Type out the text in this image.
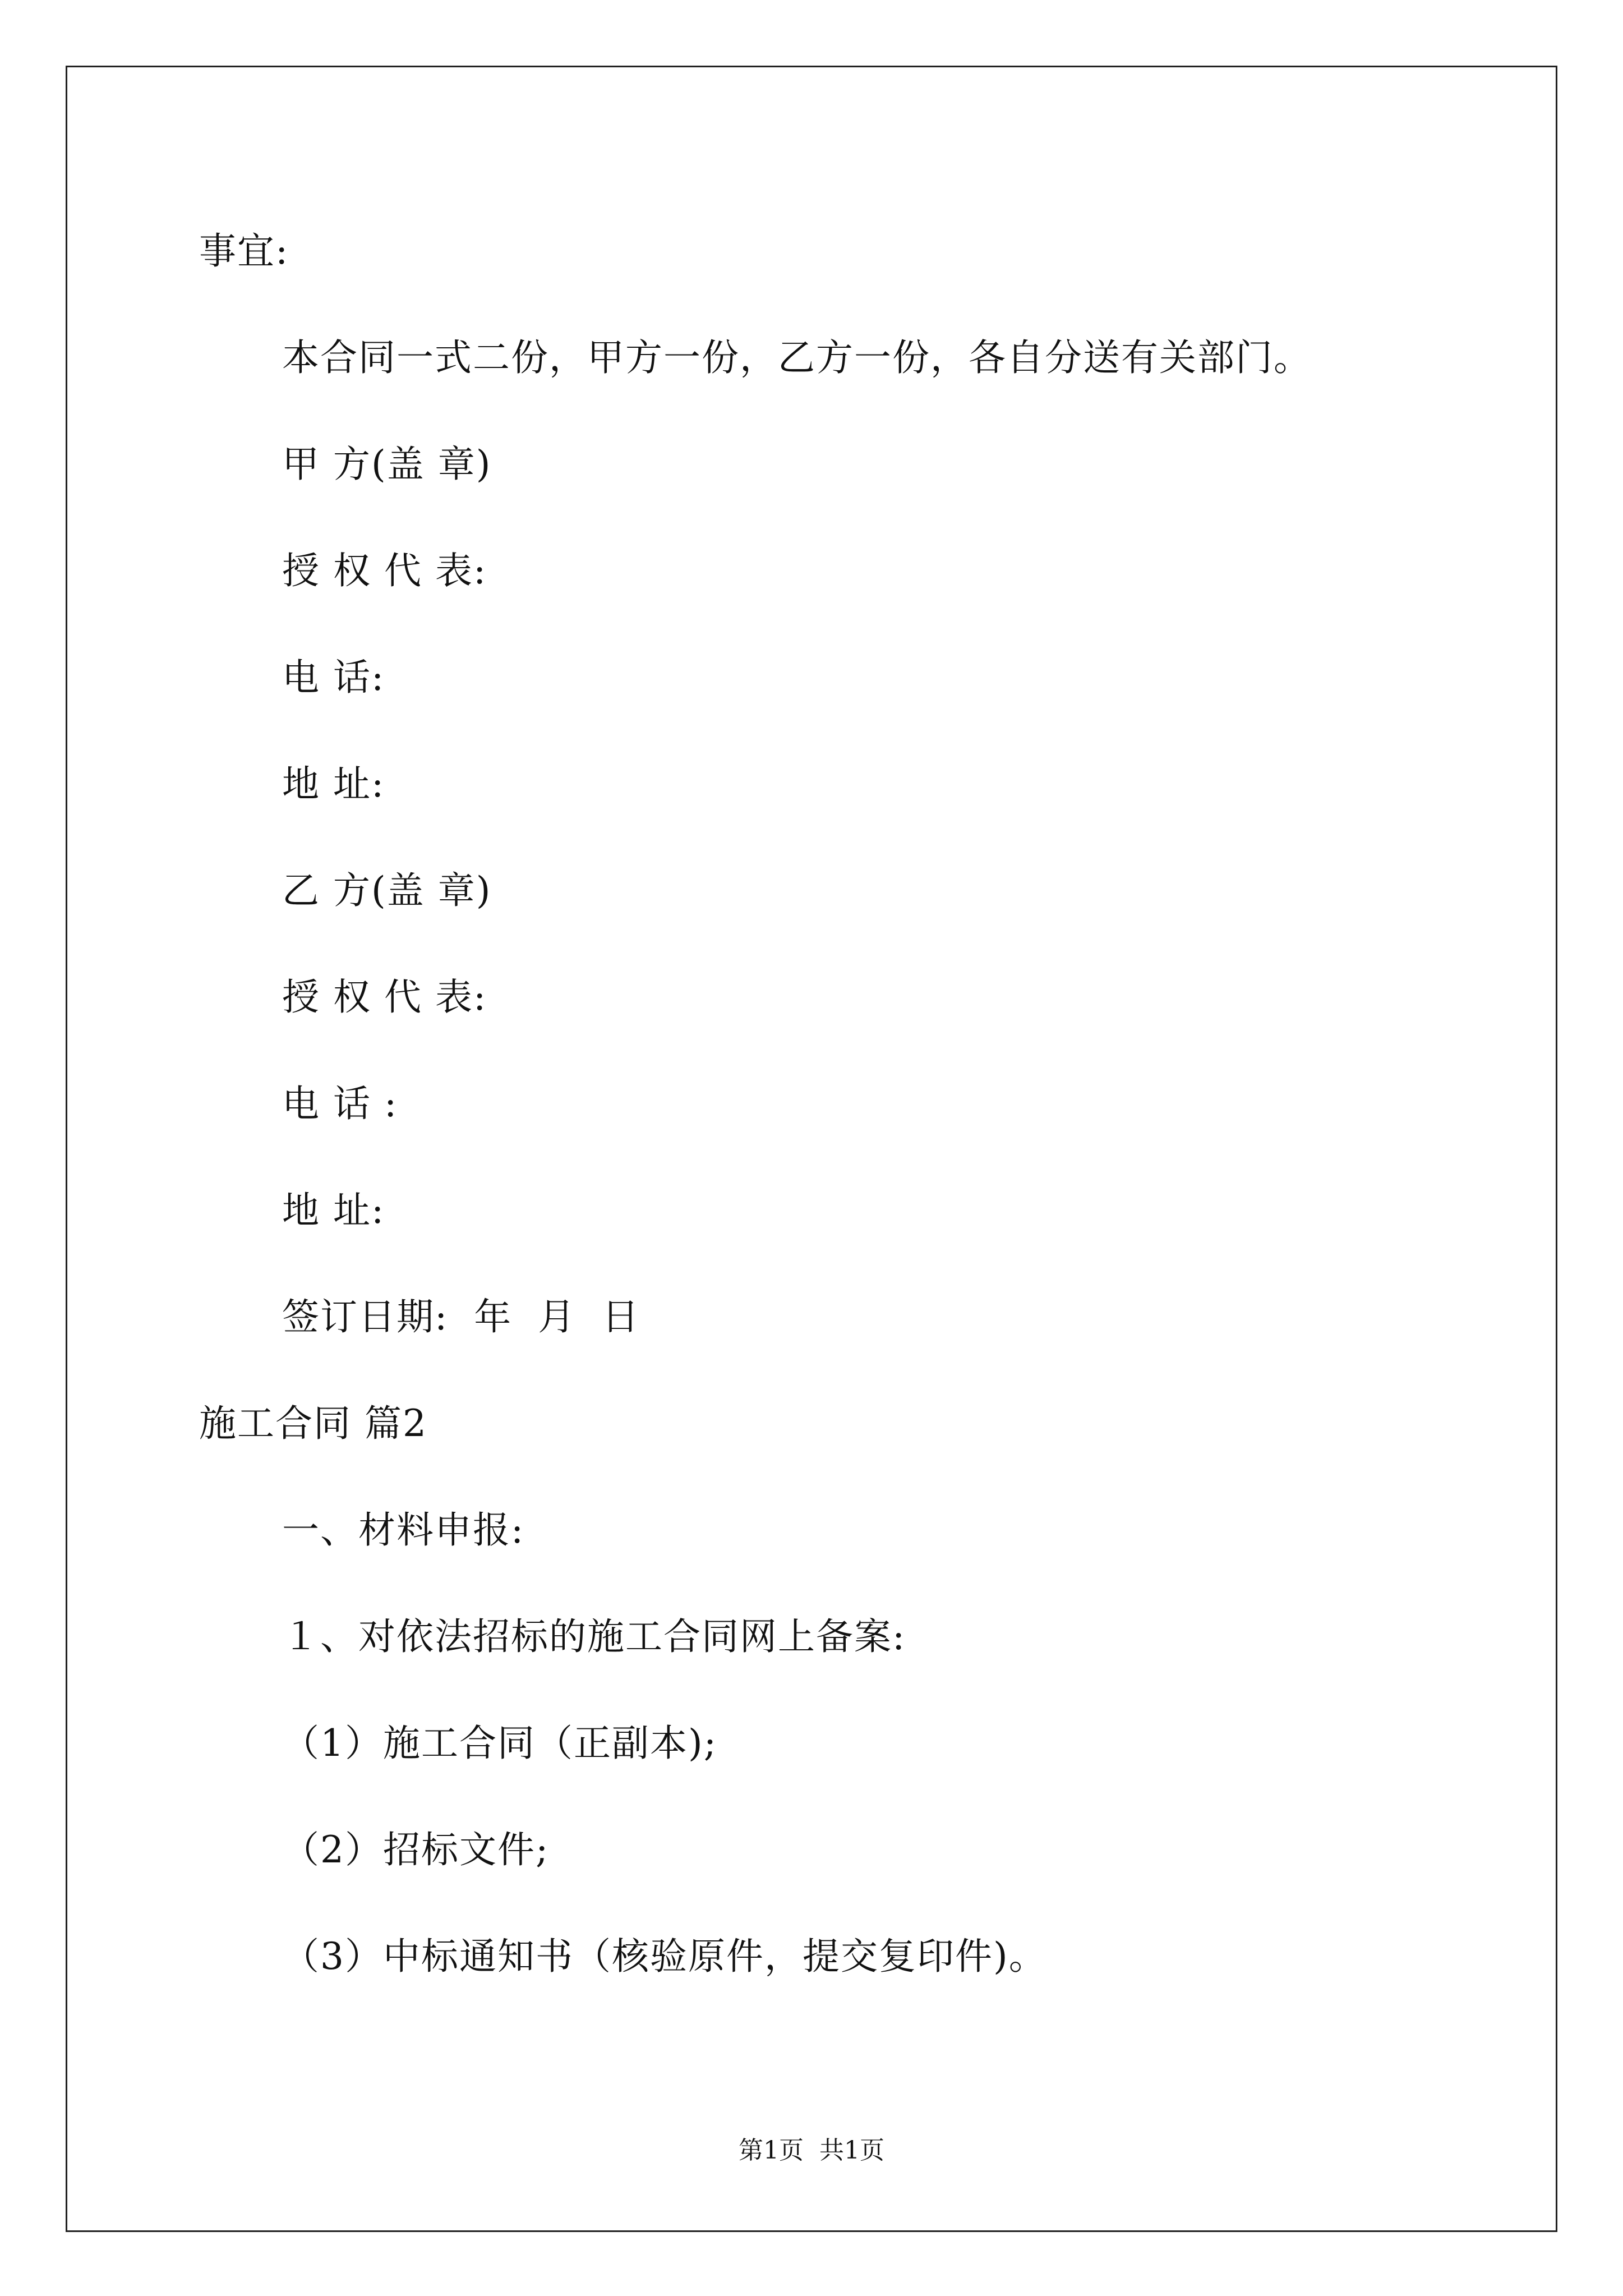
事宜:
本合同一式二份，甲方一份，乙方一份，各自分送有关部门。
甲 方(盖 章)
授 权 代 表:
电 话:
地 址:
乙 方(盖 章)
授 权 代 表:
电 话 :
地 址:
签订日期:  年  月  日
施工合同 篇2
一、材料申报:
１、对依法招标的施工合同网上备案:
（1）施工合同（正副本);
（2）招标文件;
（3）中标通知书（核验原件，提交复印件)。
第1页  共1页
